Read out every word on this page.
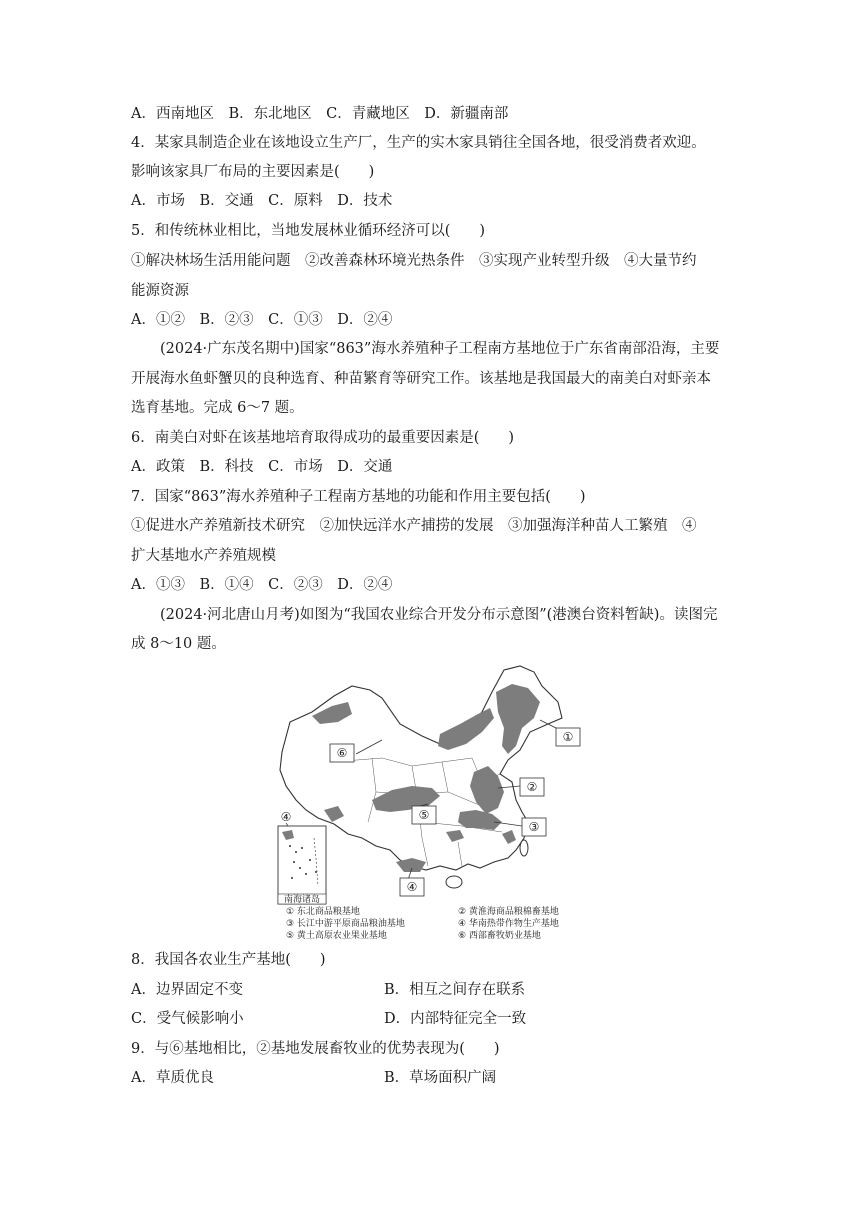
A．西南地区　B．东北地区　C．青藏地区　D．新疆南部
4．某家具制造企业在该地设立生产厂，生产的实木家具销往全国各地，很受消费者欢迎。
影响该家具厂布局的主要因素是(　　)
A．市场　B．交通　C．原料　D．技术
5．和传统林业相比，当地发展林业循环经济可以(　　)
①解决林场生活用能问题　②改善森林环境光热条件　③实现产业转型升级　④大量节约
能源资源
A．①②　B．②③　C．①③　D．②④
(2024·广东茂名期中)国家“863”海水养殖种子工程南方基地位于广东省南部沿海，主要
开展海水鱼虾蟹贝的良种选育、种苗繁育等研究工作。该基地是我国最大的南美白对虾亲本
选育基地。完成 6～7 题。
6．南美白对虾在该基地培育取得成功的最重要因素是(　　)
A．政策　B．科技　C．市场　D．交通
7．国家“863”海水养殖种子工程南方基地的功能和作用主要包括(　　)
①促进水产养殖新技术研究　②加快远洋水产捕捞的发展　③加强海洋种苗人工繁殖　④
扩大基地水产养殖规模
A．①③　B．①④　C．②③　D．②④
(2024·河北唐山月考)如图为“我国农业综合开发分布示意图”(港澳台资料暂缺)。读图完
成 8～10 题。
①
②
③
④
⑤
⑥
④
南海诸岛
① 东北商品粮基地	② 黄淮海商品粮棉畜基地
③ 长江中游平原商品粮油基地	④ 华南热带作物生产基地
⑤ 黄土高原农业果业基地	⑥ 西部畜牧奶业基地
8．我国各农业生产基地(　　)
A．边界固定不变	B．相互之间存在联系
C．受气候影响小	D．内部特征完全一致
9．与⑥基地相比，②基地发展畜牧业的优势表现为(　　)
A．草质优良	B．草场面积广阔
